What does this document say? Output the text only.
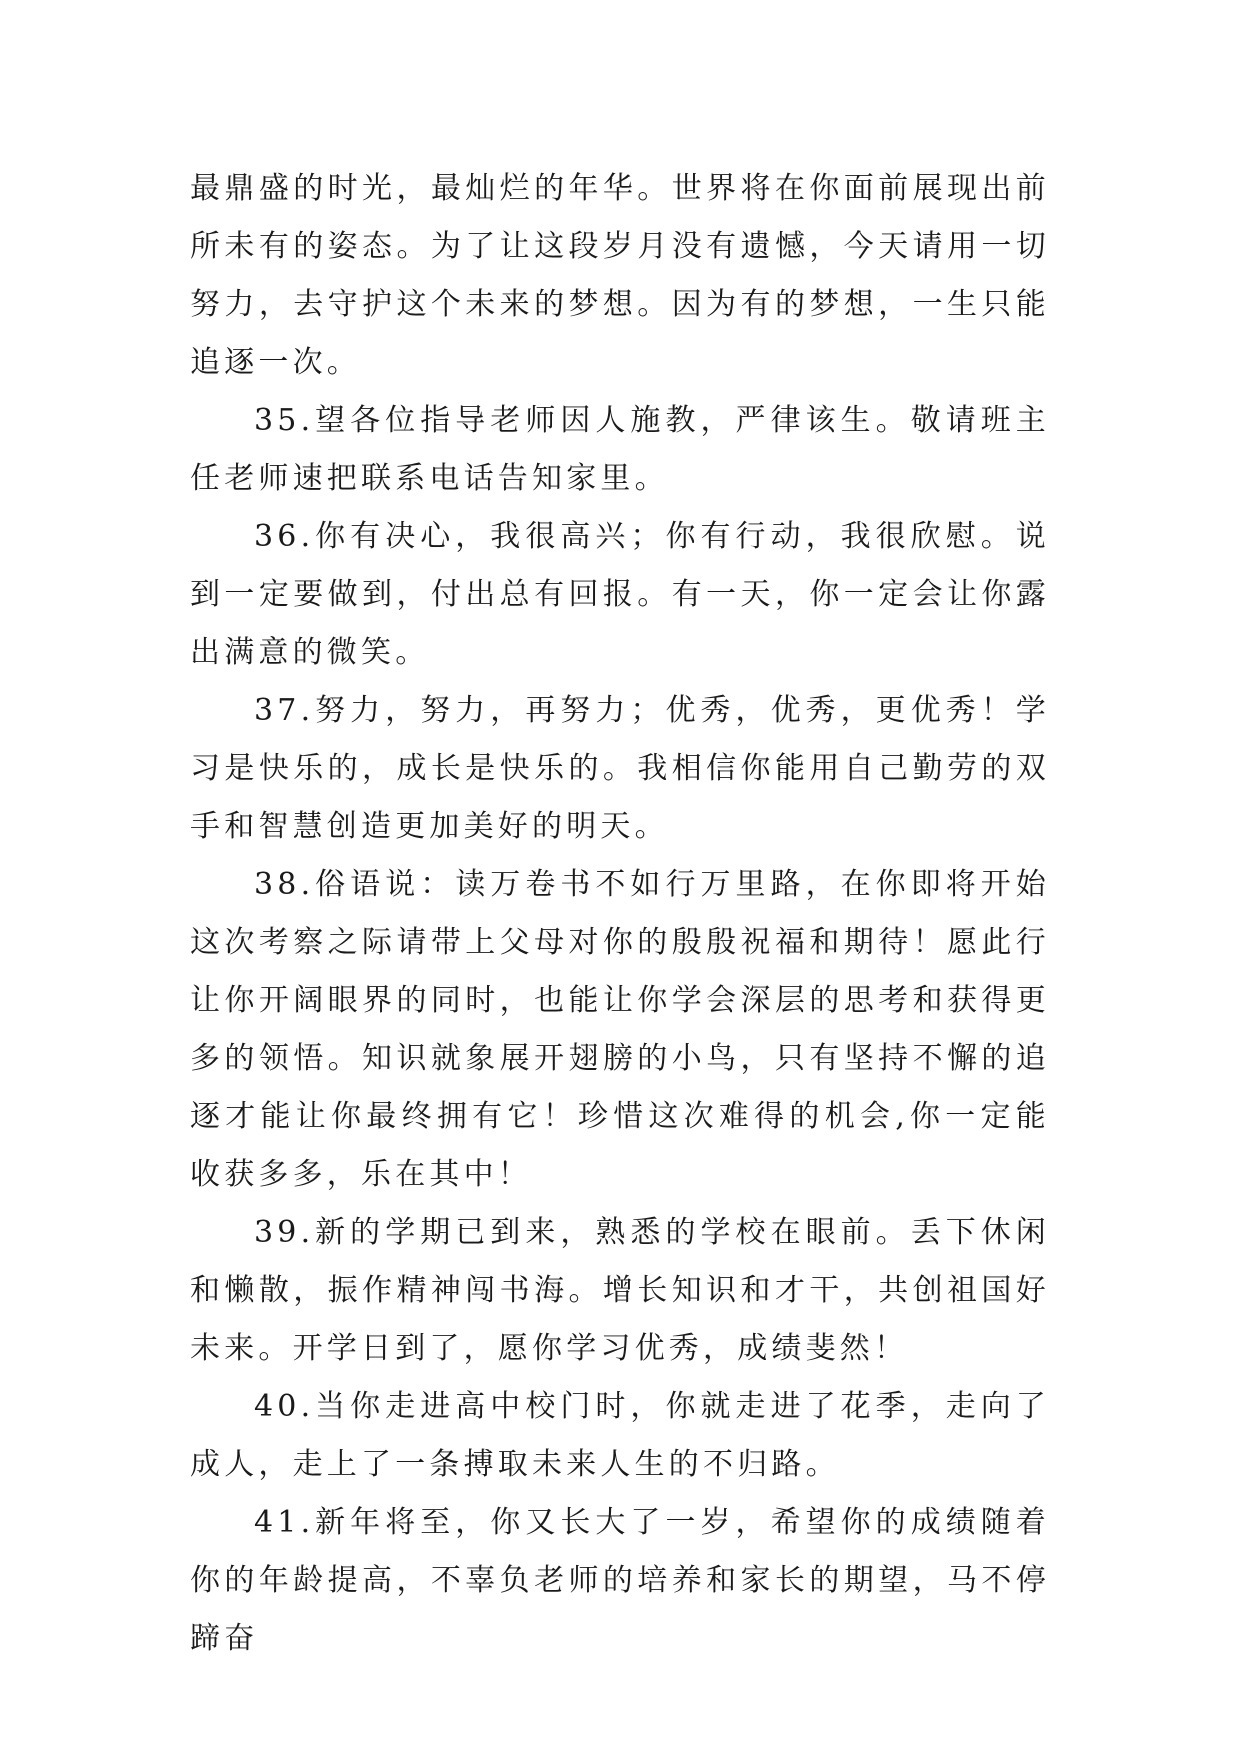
最鼎盛的时光，最灿烂的年华。世界将在你面前展现出前所未有的姿态。为了让这段岁月没有遗憾，今天请用一切努力，去守护这个未来的梦想。因为有的梦想，一生只能追逐一次。

35.望各位指导老师因人施教，严律该生。敬请班主任老师速把联系电话告知家里。

36.你有决心，我很高兴；你有行动，我很欣慰。说到一定要做到，付出总有回报。有一天，你一定会让你露出满意的微笑。

37.努力，努力，再努力；优秀，优秀，更优秀！学习是快乐的，成长是快乐的。我相信你能用自己勤劳的双手和智慧创造更加美好的明天。

38.俗语说：读万卷书不如行万里路，在你即将开始这次考察之际请带上父母对你的殷殷祝福和期待！愿此行让你开阔眼界的同时，也能让你学会深层的思考和获得更多的领悟。知识就象展开翅膀的小鸟，只有坚持不懈的追逐才能让你最终拥有它！珍惜这次难得的机会,你一定能收获多多，乐在其中！

39.新的学期已到来，熟悉的学校在眼前。丢下休闲和懒散，振作精神闯书海。增长知识和才干，共创祖国好未来。开学日到了，愿你学习优秀，成绩斐然！

40.当你走进高中校门时，你就走进了花季，走向了成人，走上了一条搏取未来人生的不归路。

41.新年将至，你又长大了一岁，希望你的成绩随着你的年龄提高，不辜负老师的培养和家长的期望，马不停蹄奋
